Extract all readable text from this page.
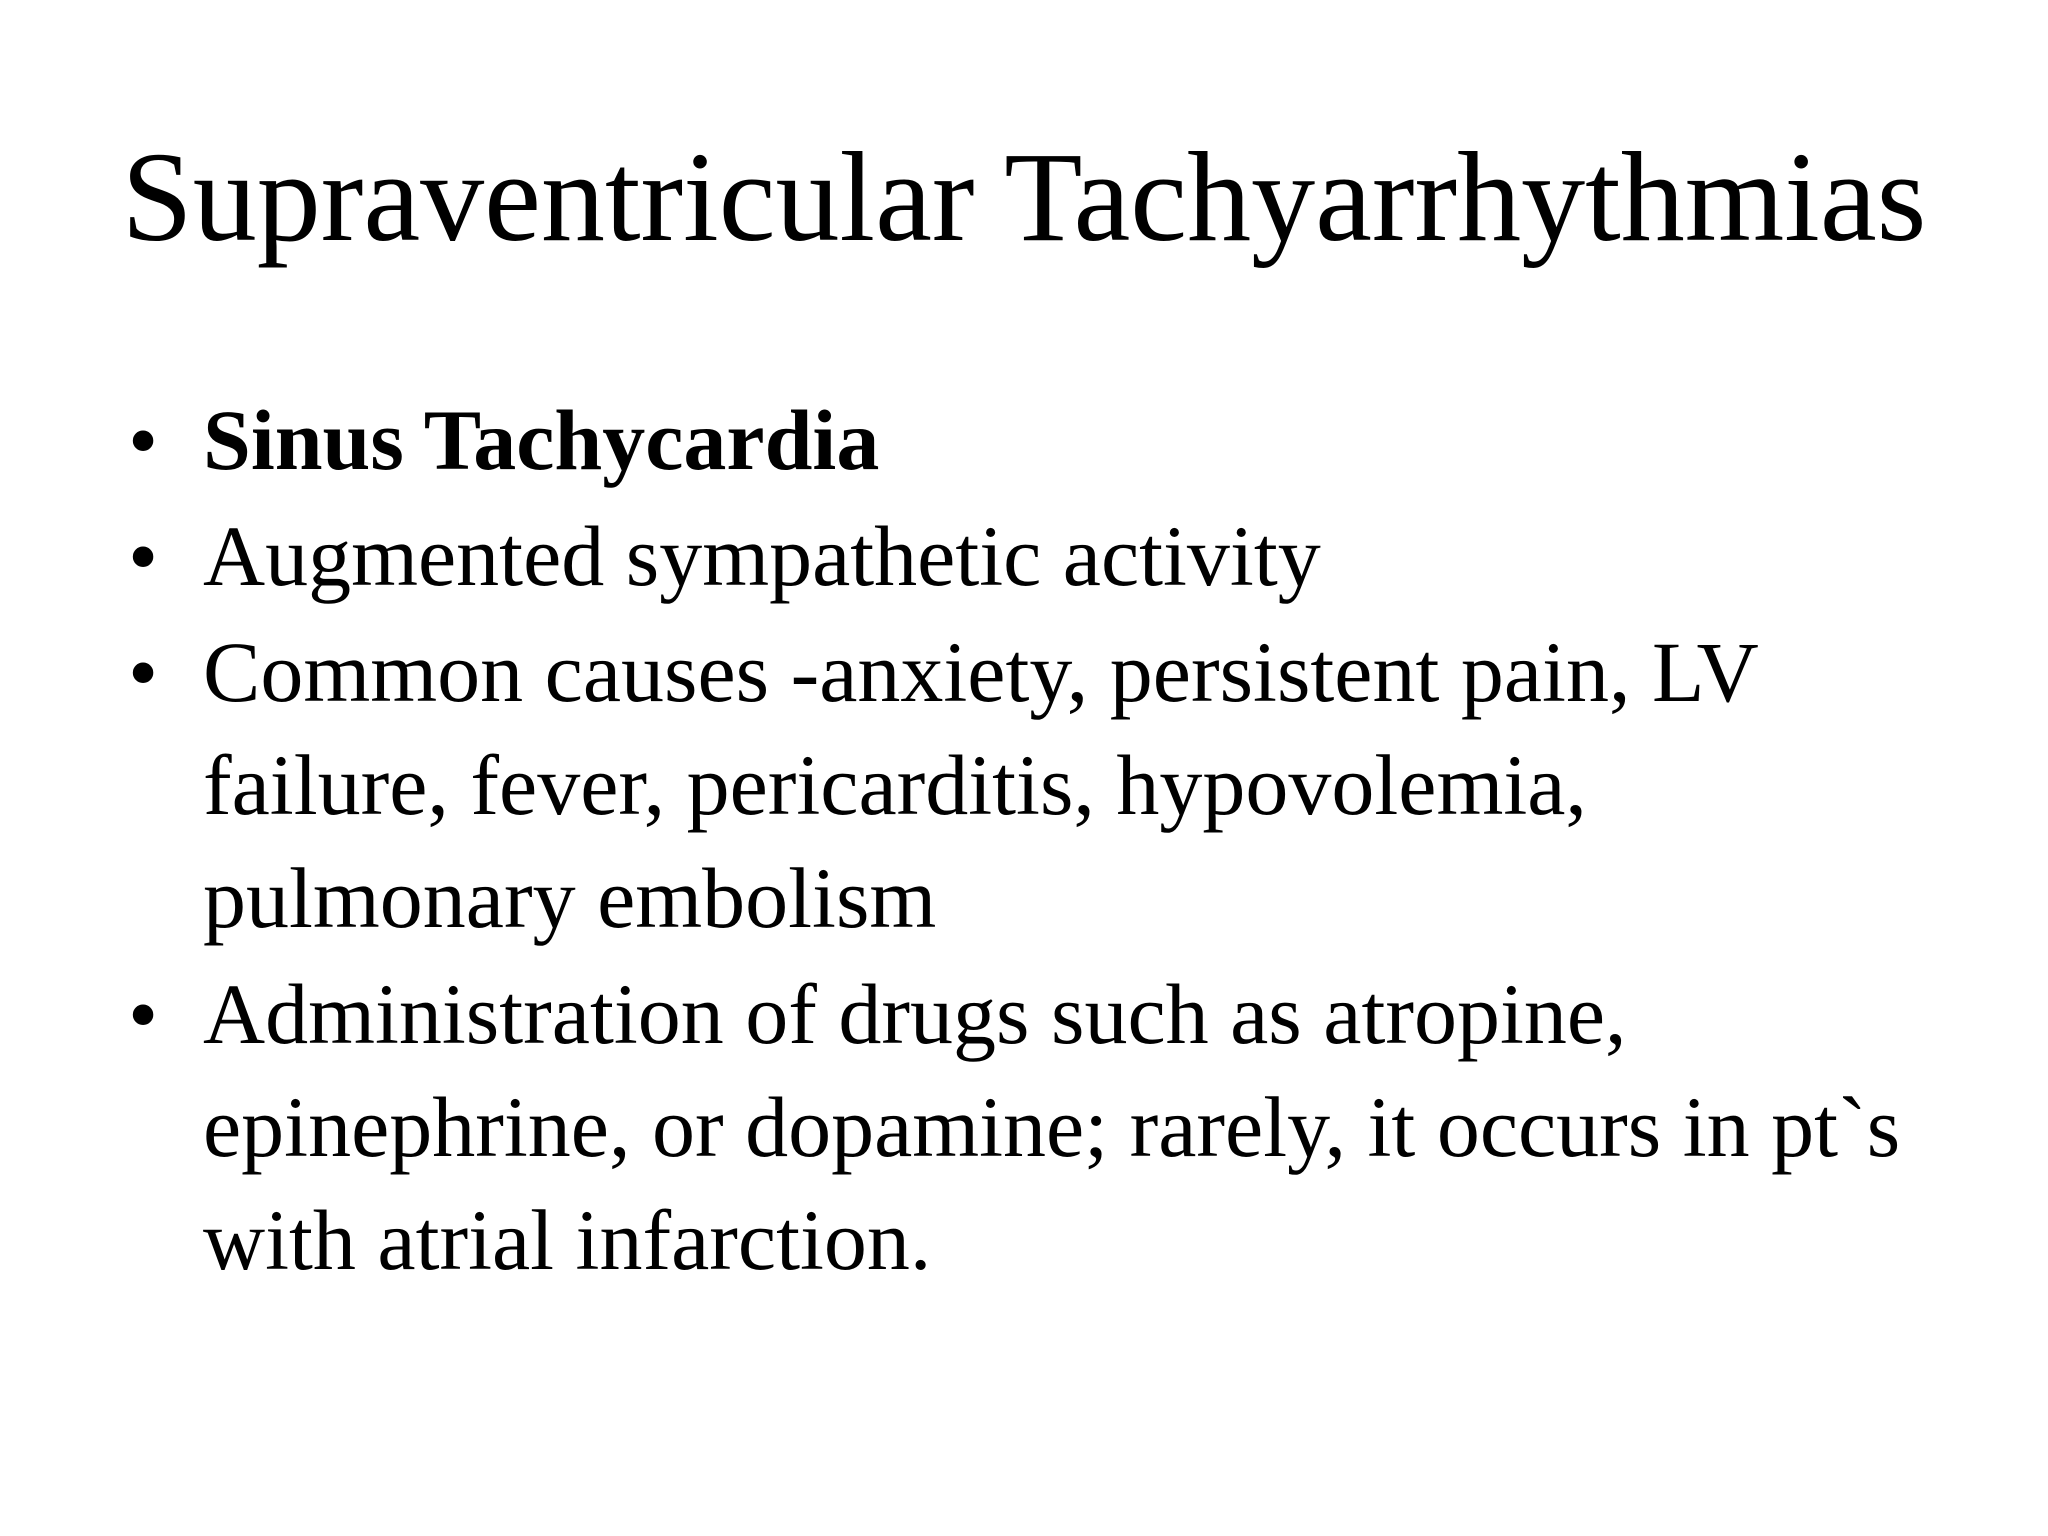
Supraventricular Tachyarrhythmias
• Sinus Tachycardia
• Augmented sympathetic activity
• Common causes -anxiety, persistent pain, LV failure, fever, pericarditis, hypovolemia, pulmonary embolism
• Administration of drugs such as atropine, epinephrine, or dopamine; rarely, it occurs in pt`s with atrial infarction.
